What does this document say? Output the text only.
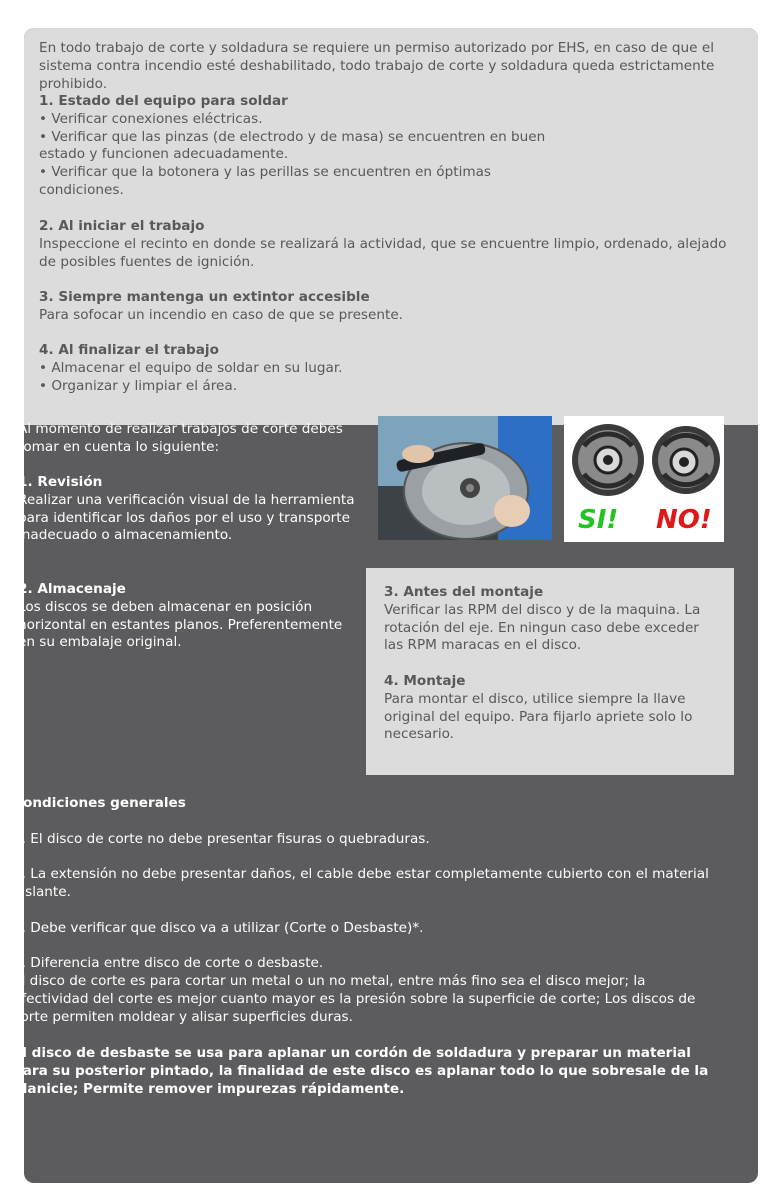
En todo trabajo de corte y soldadura se requiere un permiso autorizado por EHS, en caso de que el sistema contra incendio esté deshabilitado, todo trabajo de corte y soldadura queda estrictamente prohibido.
1. Estado del equipo para soldar
• Verificar conexiones eléctricas.
• Verificar que las pinzas (de electrodo y de masa) se encuentren en buen
estado y funcionen adecuadamente.
• Verificar que la botonera y las perillas se encuentren en óptimas
condiciones.
2. Al iniciar el trabajo
Inspeccione el recinto en donde se realizará la actividad, que se encuentre limpio, ordenado, alejado de posibles fuentes de ignición.
3. Siempre mantenga un extintor accesible
Para sofocar un incendio en caso de que se presente.
4. Al finalizar el trabajo
• Almacenar el equipo de soldar en su lugar.
• Organizar y limpiar el área.
Al momento de realizar trabajos de corte debes tomar en cuenta lo siguiente:
1. Revisión
Realizar una verificación visual de la herramienta para identificar los daños por el uso y transporte inadecuado o almacenamiento.
2. Almacenaje
Los discos se deben almacenar en posición horizontal en estantes planos. Preferentemente en su embalaje original.
SI! NO!
3. Antes del montaje
Verificar las RPM del disco y de la maquina. La rotación del eje. En ningun caso debe exceder las RPM maracas en el disco.
4. Montaje
Para montar el disco, utilice siempre la llave original del equipo. Para fijarlo apriete solo lo necesario.
Condiciones generales

5. El disco de corte no debe presentar fisuras o quebraduras.

6. La extensión no debe presentar daños, el cable debe estar completamente cubierto con el material aislante.

7. Debe verificar que disco va a utilizar (Corte o Desbaste)*.

8. Diferencia entre disco de corte o desbaste.
El disco de corte es para cortar un metal o un no metal, entre más fino sea el disco mejor; la efectividad del corte es mejor cuanto mayor es la presión sobre la superficie de corte; Los discos de corte permiten moldear y alisar superficies duras.
El disco de desbaste se usa para aplanar un cordón de soldadura y preparar un material para su posterior pintado, la finalidad de este disco es aplanar todo lo que sobresale de la planicie; Permite remover impurezas rápidamente.
